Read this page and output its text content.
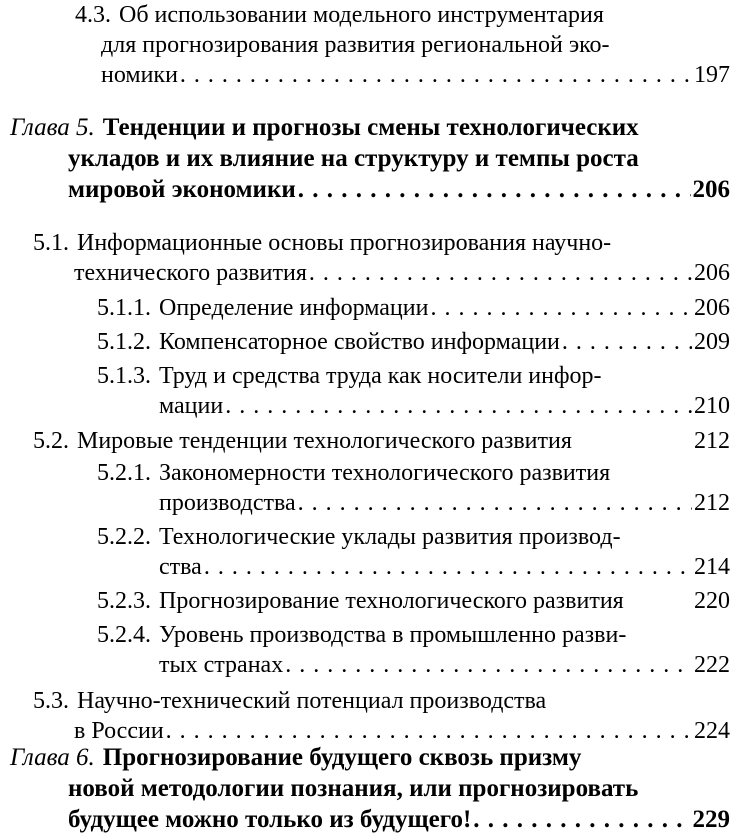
4.3. Об использовании модельного инструментария
для прогнозирования развития региональной эко-
номики . . .	197
Глава 5. Тенденции и прогнозы смены технологических
укладов и их влияние на структуру и темпы роста
мировой экономики . . .	206
5.1. Информационные основы прогнозирования научно-
технического развития . . .	206
5.1.1. Определение информации . . .	206
5.1.2. Компенсаторное свойство информации . . .	209
5.1.3. Труд и средства труда как носители инфор-
мации . . .	210
5.2. Мировые тенденции технологического развития	212
5.2.1. Закономерности технологического развития
производства . . .	212
5.2.2. Технологические уклады развития производ-
ства . . .	214
5.2.3. Прогнозирование технологического развития	220
5.2.4. Уровень производства в промышленно разви-
тых странах . . .	222
5.3. Научно-технический потенциал производства
в России . . .	224
Глава 6. Прогнозирование будущего сквозь призму
новой методологии познания, или прогнозировать
будущее можно только из будущего! . . .	229
